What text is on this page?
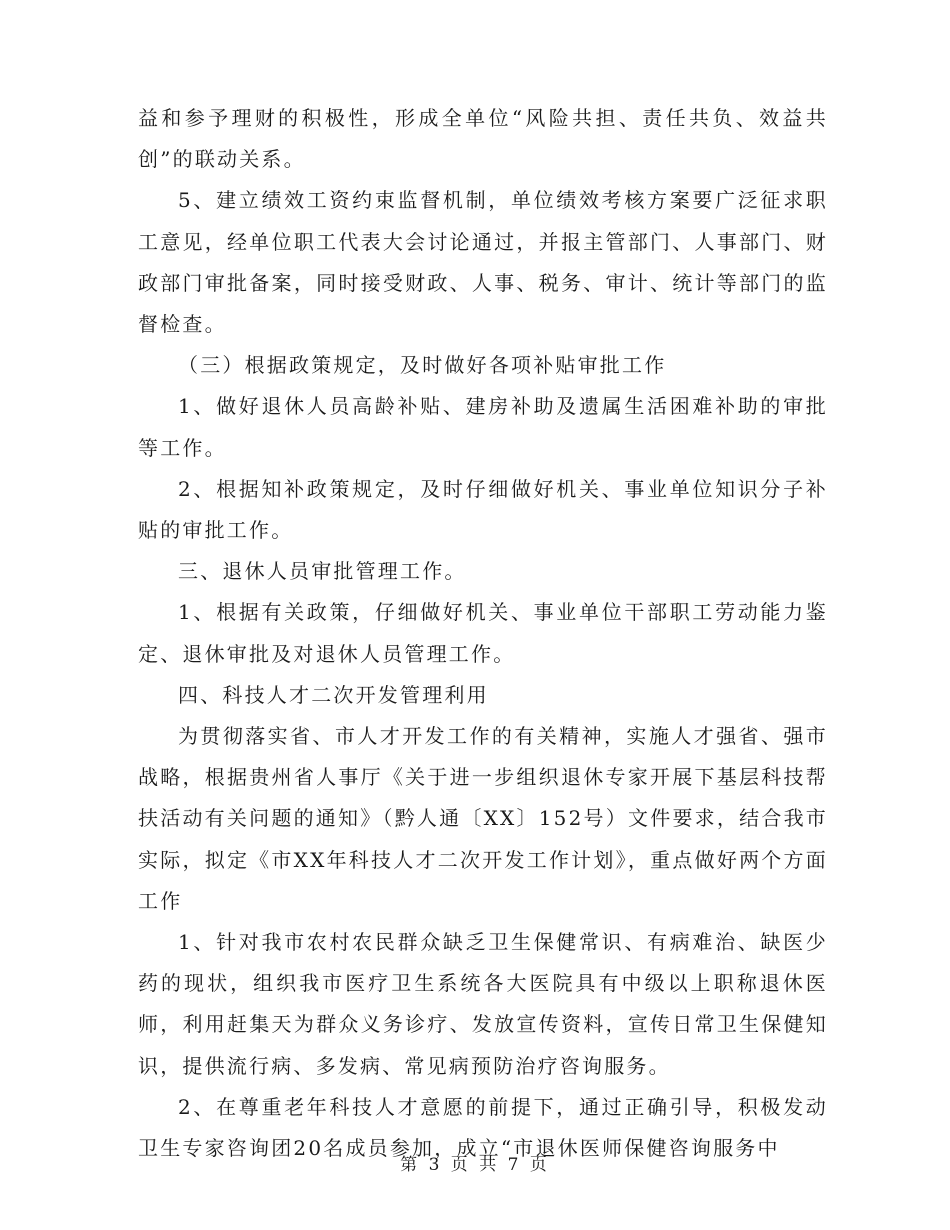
益和参予理财的积极性，形成全单位“风险共担、责任共负、效益共创”的联动关系。

5、建立绩效工资约束监督机制，单位绩效考核方案要广泛征求职工意见，经单位职工代表大会讨论通过，并报主管部门、人事部门、财政部门审批备案，同时接受财政、人事、税务、审计、统计等部门的监督检查。

（三）根据政策规定，及时做好各项补贴审批工作

1、做好退休人员高龄补贴、建房补助及遗属生活困难补助的审批等工作。

2、根据知补政策规定，及时仔细做好机关、事业单位知识分子补贴的审批工作。

三、退休人员审批管理工作。

1、根据有关政策，仔细做好机关、事业单位干部职工劳动能力鉴定、退休审批及对退休人员管理工作。

四、科技人才二次开发管理利用

为贯彻落实省、市人才开发工作的有关精神，实施人才强省、强市战略，根据贵州省人事厅《关于进一步组织退休专家开展下基层科技帮扶活动有关问题的通知》（黔人通〔XX〕152号）文件要求，结合我市实际，拟定《市XX年科技人才二次开发工作计划》，重点做好两个方面工作

1、针对我市农村农民群众缺乏卫生保健常识、有病难治、缺医少药的现状，组织我市医疗卫生系统各大医院具有中级以上职称退休医师，利用赶集天为群众义务诊疗、发放宣传资料，宣传日常卫生保健知识，提供流行病、多发病、常见病预防治疗咨询服务。

2、在尊重老年科技人才意愿的前提下，通过正确引导，积极发动卫生专家咨询团20名成员参加，成立“市退休医师保健咨询服务中

第 3 页 共 7 页
